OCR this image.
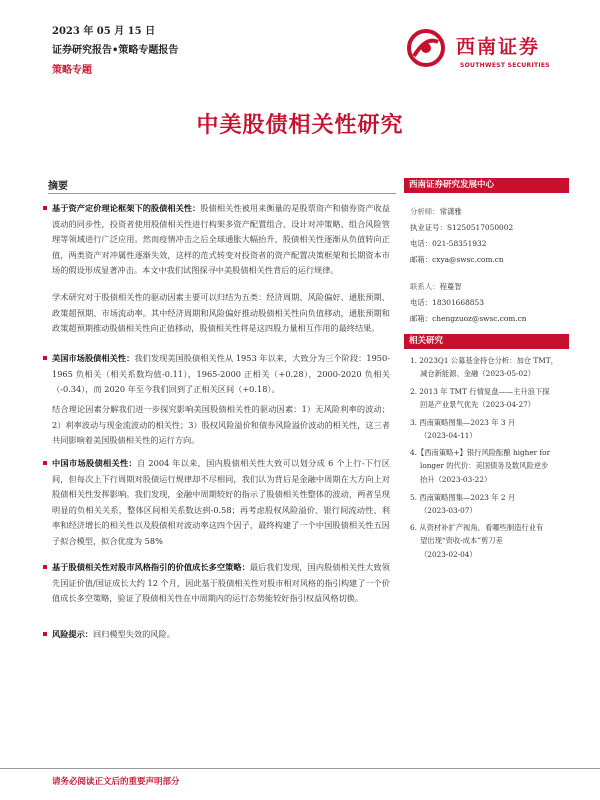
2023 年 05 月 15 日
证券研究报告•策略专题报告
策略专题
西南证券
SOUTHWEST SECURITIES
中美股债相关性研究
摘要
基于资产定价理论框架下的股债相关性：股债相关性被用来衡量的是股票资产和债券资产收益波动的同步性，投资者使用股债相关性进行构架多资产配置组合、设计对冲策略、组合风险管理等领域进行广泛应用。然而疫情冲击之后全球通胀大幅抬升，股债相关性逐渐从负值转向正值，两类资产对冲属性逐渐失效，这样的范式转变对投资者的资产配置决策框架和长期资本市场的假设形成显著冲击。本文中我们试图探寻中美股债相关性背后的运行规律。
学术研究对于股债相关性的驱动因素主要可以归结为五类：经济周期、风险偏好、通胀预期、政策超预期、市场流动率。其中经济周期和风险偏好推动股债相关性向负值移动，通胀预期和政策超预期推动股债相关性向正值移动，股债相关性将是这四股力量相互作用的最终结果。
美国市场股债相关性：我们发现美国股债相关性从 1953 年以来，大致分为三个阶段：1950-1965 负相关（相关系数均值-0.11），1965-2000 正相关（+0.28），2000-2020 负相关（-0.34），而 2020 年至今我们回到了正相关区间（+0.18）。
结合理论因素分解我们进一步探究影响美国股债相关性的驱动因素：1）无风险利率的波动；2）利率波动与现金流波动的相关性；3）股权风险溢价和债券风险溢价波动的相关性，这三者共同影响着美国股债相关性的运行方向。
中国市场股债相关性：自 2004 年以来，国内股债相关性大致可以划分成 6 个上行-下行区间，但每次上下行周期对股债运行规律却不尽相同，我们认为背后是金融中周期在大方向上对股债相关性发挥影响。我们发现，金融中周期较好的指示了股债相关性整体的波动，两者呈现明显的负相关关系，整体区间相关系数达到-0.58；再考虑股权风险溢价、银行间流动性、利率和经济增长的相关性以及股债相对波动率这四个因子，最终构建了一个中国股债相关性五因子拟合模型，拟合优度为 58%
基于股债相关性对股市风格指引的价值成长多空策略：最后我们发现，国内股债相关性大致领先国证价值/国证成长大约 12 个月，因此基于股债相关性对股市相对风格的指引构建了一个价值成长多空策略，验证了股债相关性在中周期内的运行态势能较好指引权益风格切换。
风险提示：回归模型失效的风险。
西南证券研究发展中心
分析师：常潇雅
执业证号：S1250517050002
电话：021-58351932
邮箱：cxya@swsc.com.cn
联系人：程蔓智
电话：18301668853
邮箱：chengzuoz@swsc.com.cn
相关研究
1. 2023Q1 公募基金持仓分析：加仓 TMT，
减仓新能源、金融（2023-05-02）
2. 2013 年 TMT 行情复盘——主升浪下探
回是产业景气优先（2023-04-27）
3. 西南策略图集—2023 年 3 月
（2023-04-11）
4.【西南策略+】银行风险酝酿 higher for
longer 的代价：美国债务及数风险逆步
抬升（2023-03-22）
5. 西南策略图集—2023 年 2 月
（2023-03-07）
6. 从资材补扩产视角，看哪些制造行业有
望出现“资收-成本”剪刀差
（2023-02-04）
请务必阅读正文后的重要声明部分
